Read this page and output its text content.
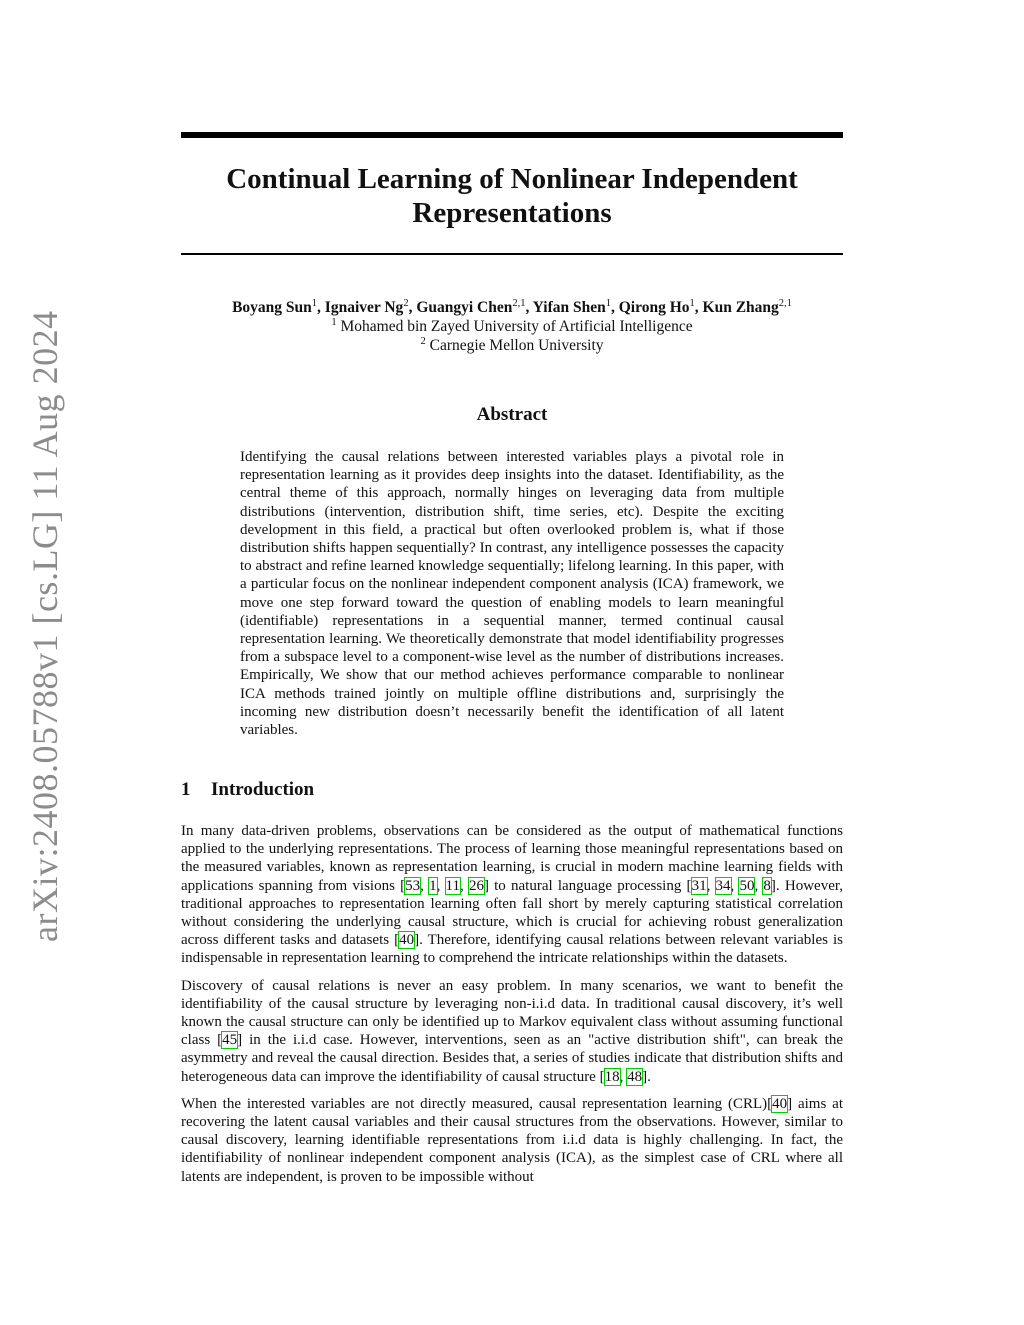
arXiv:2408.05788v1 [cs.LG] 11 Aug 2024
Continual Learning of Nonlinear Independent
Representations
Boyang Sun$^1$, Ignaiver Ng$^2$, Guangyi Chen$^{2,1}$, Yifan Shen$^1$, Qirong Ho$^1$, Kun Zhang$^{2,1}$
$^1$ Mohamed bin Zayed University of Artificial Intelligence
$^2$ Carnegie Mellon University
Abstract

Identifying the causal relations between interested variables plays a pivotal role in representation learning as it provides deep insights into the dataset. Identifiability, as the central theme of this approach, normally hinges on leveraging data from multiple distributions (intervention, distribution shift, time series, etc). Despite the exciting development in this field, a practical but often overlooked problem is, what if those distribution shifts happen sequentially? In contrast, any intelligence possesses the capacity to abstract and refine learned knowledge sequentially; lifelong learning. In this paper, with a particular focus on the nonlinear independent component analysis (ICA) framework, we move one step forward toward the question of enabling models to learn meaningful (identifiable) representations in a sequential manner, termed continual causal representation learning. We theoretically demonstrate that model identifiability progresses from a subspace level to a component-wise level as the number of distributions increases. Empirically, We show that our method achieves performance comparable to nonlinear ICA methods trained jointly on multiple offline distributions and, surprisingly the incoming new distribution doesn’t necessarily benefit the identification of all latent variables.

1 Introduction

In many data-driven problems, observations can be considered as the output of mathematical functions applied to the underlying representations. The process of learning those meaningful representations based on the measured variables, known as representation learning, is crucial in modern machine learning fields with applications spanning from visions [53, 1, 11, 26] to natural language processing [31, 34, 50, 8]. However, traditional approaches to representation learning often fall short by merely capturing statistical correlation without considering the underlying causal structure, which is crucial for achieving robust generalization across different tasks and datasets [40]. Therefore, identifying causal relations between relevant variables is indispensable in representation learning to comprehend the intricate relationships within the datasets.

Discovery of causal relations is never an easy problem. In many scenarios, we want to benefit the identifiability of the causal structure by leveraging non-i.i.d data. In traditional causal discovery, it’s well known the causal structure can only be identified up to Markov equivalent class without assuming functional class [45] in the i.i.d case. However, interventions, seen as an "active distribution shift", can break the asymmetry and reveal the causal direction. Besides that, a series of studies indicate that distribution shifts and heterogeneous data can improve the identifiability of causal structure [18, 48].

When the interested variables are not directly measured, causal representation learning (CRL)[40] aims at recovering the latent causal variables and their causal structures from the observations. However, similar to causal discovery, learning identifiable representations from i.i.d data is highly challenging. In fact, the identifiability of nonlinear independent component analysis (ICA), as the simplest case of CRL where all latents are independent, is proven to be impossible without
